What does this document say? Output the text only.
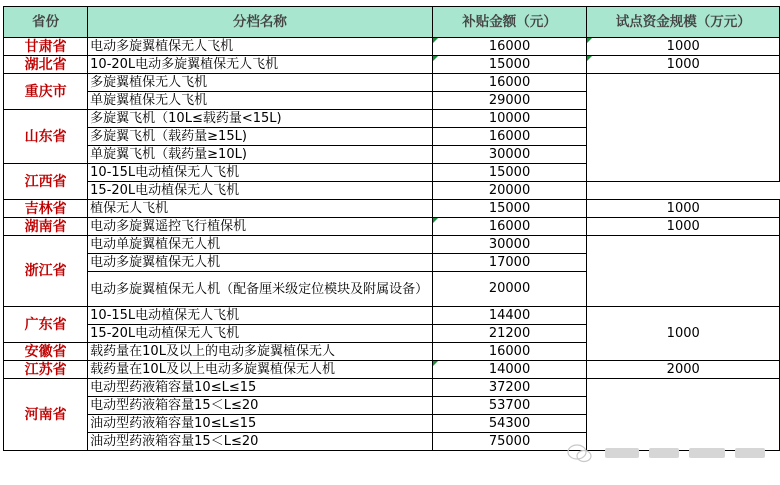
省份	分档名称	补贴金额（元）	试点资金规模（万元）
甘肃省	电动多旋翼植保无人飞机	16000	1000
湖北省	10-20L电动多旋翼植保无人飞机	15000	1000
重庆市	多旋翼植保无人飞机	16000	
	单旋翼植保无人飞机	29000	
山东省	多旋翼飞机（10L≤载药量<15L)	10000	
	多旋翼飞机（载药量≥15L)	16000	
	单旋翼飞机（载药量≥10L)	30000	
江西省	10-15L电动植保无人飞机	15000	
	15-20L电动植保无人飞机	20000	
吉林省	植保无人飞机	15000	1000
湖南省	电动多旋翼遥控飞行植保机	16000	1000
浙江省	电动单旋翼植保无人机	30000	
	电动多旋翼植保无人机	17000	
	电动多旋翼植保无人机（配备厘米级定位模块及附属设备）	20000	
广东省	10-15L电动植保无人飞机	14400	1000
	15-20L电动植保无人飞机	21200	
安徽省	载药量在10L及以上的电动多旋翼植保无人	16000	
江苏省	载药量在10L及以上电动多旋翼植保无人机	14000	2000
河南省	电动型药液箱容量10≤L≤15	37200	
	电动型药液箱容量15＜L≤20	53700	
	油动型药液箱容量10≤L≤15	54300	
	油动型药液箱容量15＜L≤20	75000	
